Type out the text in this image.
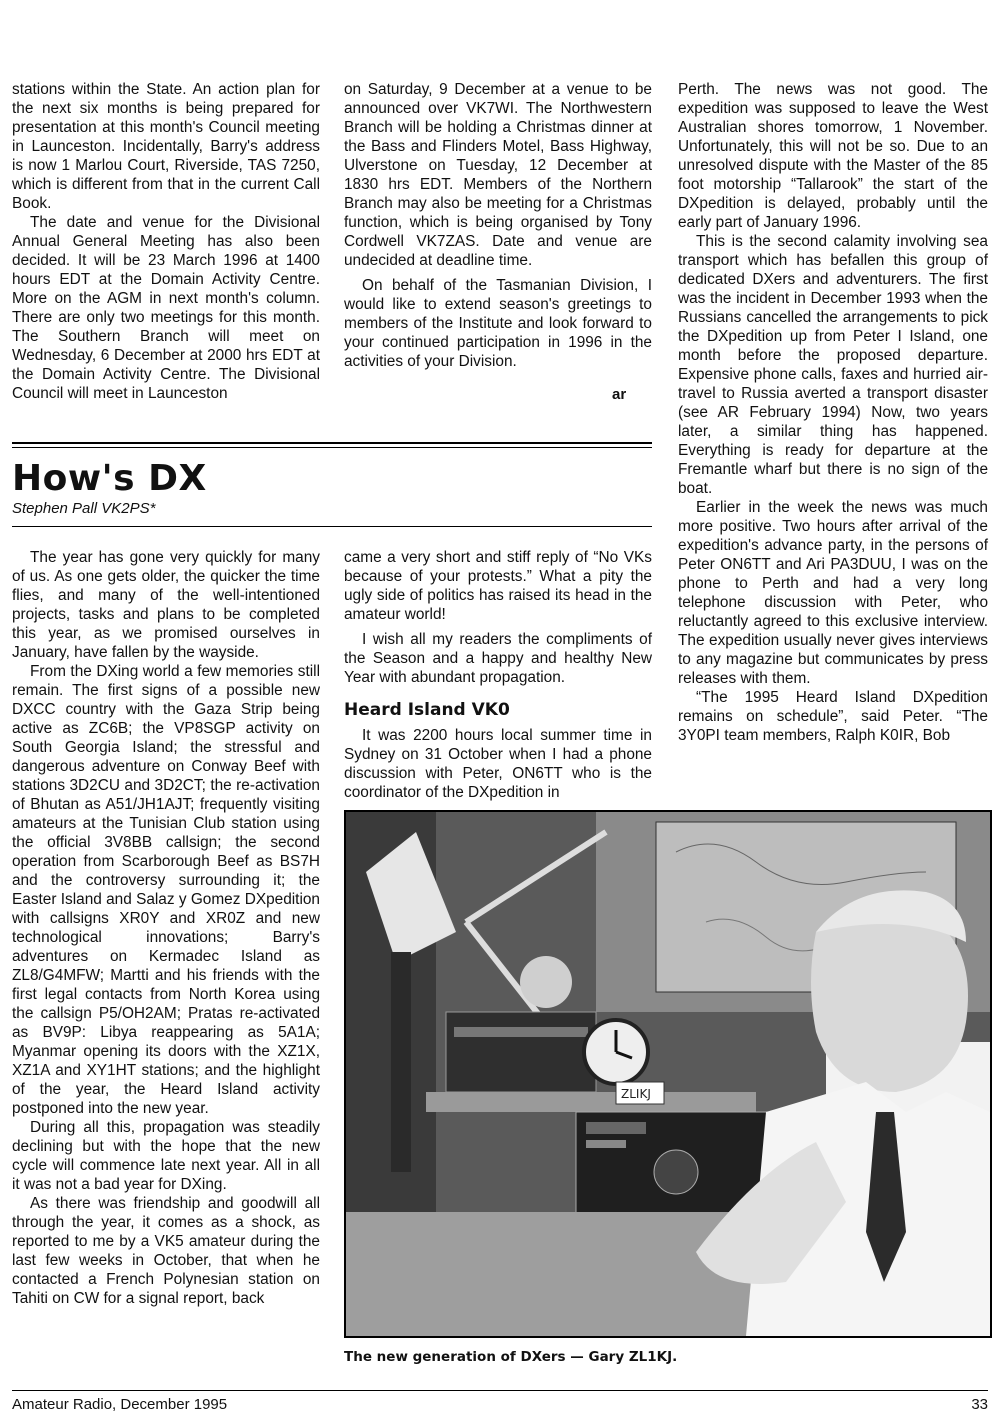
stations within the State. An action plan for the next six months is being prepared for presentation at this month's Council meeting in Launceston. Incidentally, Barry's address is now 1 Marlou Court, Riverside, TAS 7250, which is different from that in the current Call Book.

The date and venue for the Divisional Annual General Meeting has also been decided. It will be 23 March 1996 at 1400 hours EDT at the Domain Activity Centre. More on the AGM in next month's column. There are only two meetings for this month. The Southern Branch will meet on Wednesday, 6 December at 2000 hrs EDT at the Domain Activity Centre. The Divisional Council will meet in Launceston

on Saturday, 9 December at a venue to be announced over VK7WI. The Northwestern Branch will be holding a Christmas dinner at the Bass and Flinders Motel, Bass Highway, Ulverstone on Tuesday, 12 December at 1830 hrs EDT. Members of the Northern Branch may also be meeting for a Christmas function, which is being organised by Tony Cordwell VK7ZAS. Date and venue are undecided at deadline time.

On behalf of the Tasmanian Division, I would like to extend season's greetings to members of the Institute and look forward to your continued participation in 1996 in the activities of your Division.

ar
How's DX
Stephen Pall VK2PS*

The year has gone very quickly for many of us. As one gets older, the quicker the time flies, and many of the well-intentioned projects, tasks and plans to be completed this year, as we promised ourselves in January, have fallen by the wayside.

From the DXing world a few memories still remain. The first signs of a possible new DXCC country with the Gaza Strip being active as ZC6B; the VP8SGP activity on South Georgia Island; the stressful and dangerous adventure on Conway Beef with stations 3D2CU and 3D2CT; the re-activation of Bhutan as A51/JH1AJT; frequently visiting amateurs at the Tunisian Club station using the official 3V8BB callsign; the second operation from Scarborough Beef as BS7H and the controversy surrounding it; the Easter Island and Salaz y Gomez DXpedition with callsigns XR0Y and XR0Z and new technological innovations; Barry's adventures on Kermadec Island as ZL8/G4MFW; Martti and his friends with the first legal contacts from North Korea using the callsign P5/OH2AM; Pratas re-activated as BV9P: Libya reappearing as 5A1A; Myanmar opening its doors with the XZ1X, XZ1A and XY1HT stations; and the highlight of the year, the Heard Island activity postponed into the new year.

During all this, propagation was steadily declining but with the hope that the new cycle will commence late next year. All in all it was not a bad year for DXing.

As there was friendship and goodwill all through the year, it comes as a shock, as reported to me by a VK5 amateur during the last few weeks in October, that when he contacted a French Polynesian station on Tahiti on CW for a signal report, back

came a very short and stiff reply of “No VKs because of your protests.” What a pity the ugly side of politics has raised its head in the amateur world!

I wish all my readers the compliments of the Season and a happy and healthy New Year with abundant propagation.

Heard Island VK0

It was 2200 hours local summer time in Sydney on 31 October when I had a phone discussion with Peter, ON6TT who is the coordinator of the DXpedition in

Perth. The news was not good. The expedition was supposed to leave the West Australian shores tomorrow, 1 November. Unfortunately, this will not be so. Due to an unresolved dispute with the Master of the 85 foot motorship “Tallarook” the start of the DXpedition is delayed, probably until the early part of January 1996.

This is the second calamity involving sea transport which has befallen this group of dedicated DXers and adventurers. The first was the incident in December 1993 when the Russians cancelled the arrangements to pick the DXpedition up from Peter I Island, one month before the proposed departure. Expensive phone calls, faxes and hurried air-travel to Russia averted a transport disaster (see AR February 1994) Now, two years later, a similar thing has happened. Everything is ready for departure at the Fremantle wharf but there is no sign of the boat.

Earlier in the week the news was much more positive. Two hours after arrival of the expedition's advance party, in the persons of Peter ON6TT and Ari PA3DUU, I was on the phone to Perth and had a very long telephone discussion with Peter, who reluctantly agreed to this exclusive interview. The expedition usually never gives interviews to any magazine but communicates by press releases with them.

“The 1995 Heard Island DXpedition remains on schedule”, said Peter. “The 3Y0PI team members, Ralph K0IR, Bob

ZLIKJ
The new generation of DXers — Gary ZL1KJ.
Amateur Radio, December 1995	33
